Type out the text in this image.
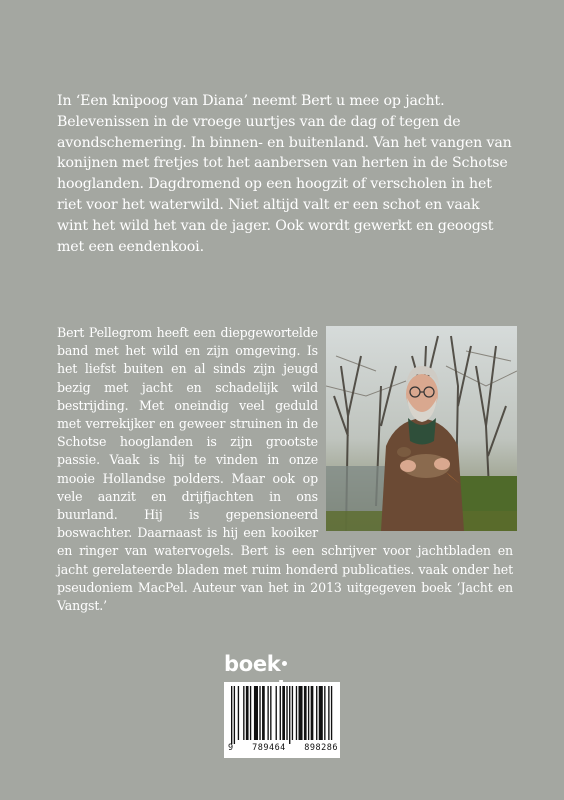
In ‘Een knipoog van Diana’ neemt Bert u mee op jacht. Belevenissen in de vroege uurtjes van de dag of tegen de avondschemering. In binnen- en buitenland. Van het vangen van konijnen met fretjes tot het aanbersen van herten in de Schotse hooglanden. Dagdromend op een hoogzit of verscholen in het riet voor het waterwild. Niet altijd valt er een schot en vaak wint het wild het van de jager. Ook wordt gewerkt en geoogst met een eendenkooi.

Bert Pellegrom heeft een diepgewortelde band met het wild en zijn omgeving. Is het liefst buiten en al sinds zijn jeugd bezig met jacht en schadelijk wild bestrijding. Met oneindig veel geduld met verrekijker en geweer struinen in de Schotse hooglanden is zijn grootste passie. Vaak is hij te vinden in onze mooie Hollandse polders. Maar ook op vele aanzit en drijfjachten in ons buurland. Hij is gepensioneerd boswachter. Daarnaast is hij een kooiker en ringer van watervogels. Bert is een schrijver voor jachtbladen en jacht gerelateerde bladen met ruim honderd publicaties. vaak onder het pseudoniem MacPel. Auteur van het in 2013 uitgegeven boek ‘Jacht en Vangst.’

boek
9 789464 898286
